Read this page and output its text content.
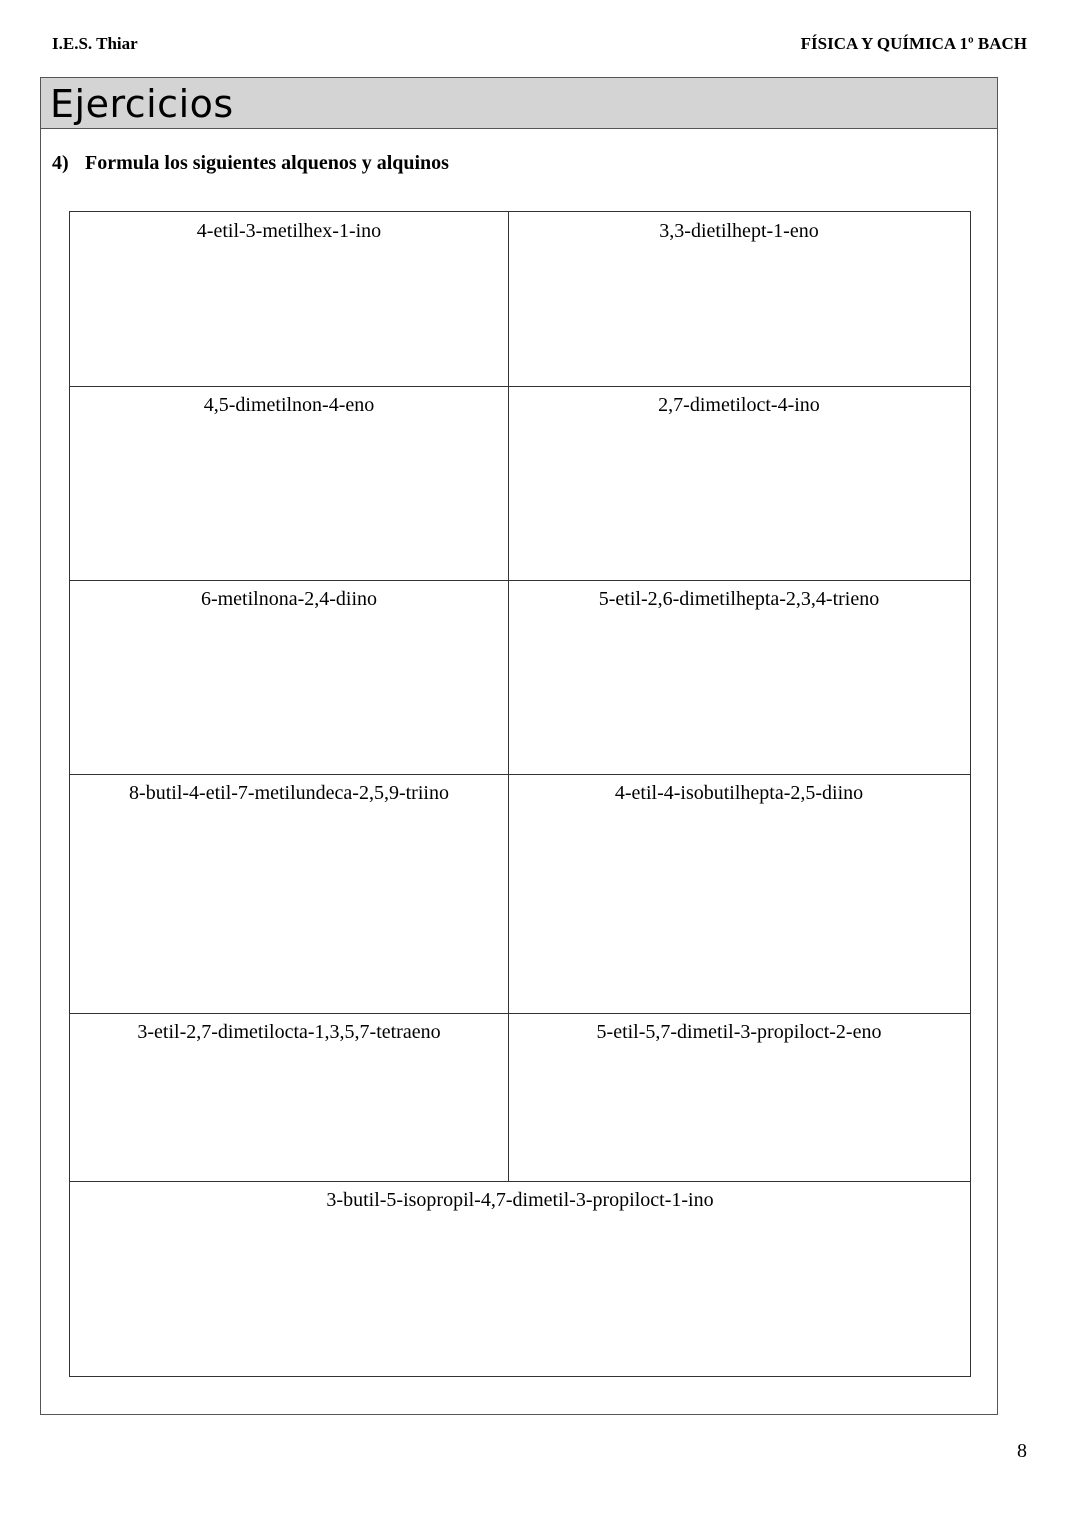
I.E.S. Thiar	FÍSICA Y QUÍMICA 1º BACH
Ejercicios
4) Formula los siguientes alquenos y alquinos
4-etil-3-metilhex-1-ino	3,3-dietilhept-1-eno
4,5-dimetilnon-4-eno	2,7-dimetiloct-4-ino
6-metilnona-2,4-diino	5-etil-2,6-dimetilhepta-2,3,4-trieno
8-butil-4-etil-7-metilundeca-2,5,9-triino	4-etil-4-isobutilhepta-2,5-diino
3-etil-2,7-dimetilocta-1,3,5,7-tetraeno	5-etil-5,7-dimetil-3-propiloct-2-eno
3-butil-5-isopropil-4,7-dimetil-3-propiloct-1-ino
8
